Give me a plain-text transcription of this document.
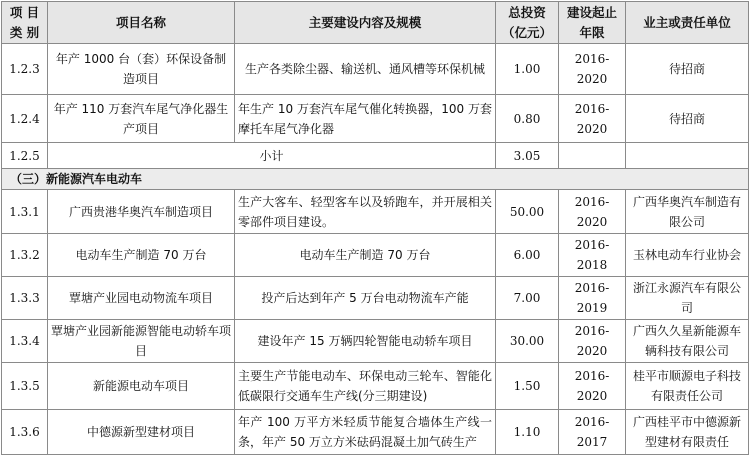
项 目 类 别	项目名称	主要建设内容及规模	总投资（亿元）	建设起止年限	业主或责任单位
1.2.3	年产 1000 台（套）环保设备制造项目	生产各类除尘器、输送机、通风槽等环保机械	1.00	2016-2020	待招商
1.2.4	年产 110 万套汽车尾气净化器生产项目	年生产 10 万套汽车尾气催化转换器，100 万套摩托车尾气净化器	0.80	2016-2020	待招商
1.2.5	小计		3.05		
（三）新能源汽车电动车					
1.3.1	广西贵港华奥汽车制造项目	生产大客车、轻型客车以及轿跑车，并开展相关零部件项目建设。	50.00	2016-2020	广西华奥汽车制造有限公司
1.3.2	电动车生产制造 70 万台	电动车生产制造 70 万台	6.00	2016-2018	玉林电动车行业协会
1.3.3	覃塘产业园电动物流车项目	投产后达到年产 5 万台电动物流车产能	7.00	2016-2019	浙江永源汽车有限公司
1.3.4	覃塘产业园新能源智能电动轿车项目	建设年产 15 万辆四轮智能电动轿车项目	30.00	2016-2020	广西久久星新能源车辆科技有限公司
1.3.5	新能源电动车项目	主要生产节能电动车、环保电动三轮车、智能化低碳限行交通车生产线(分三期建设)	1.50	2016-2020	桂平市顺源电子科技有限责任公司
1.3.6	中德源新型建材项目	年产 100 万平方米轻质节能复合墙体生产线一条，年产 50 万立方米砝码混凝土加气砖生产	1.10	2016-2017	广西桂平市中德源新型建材有限责任
